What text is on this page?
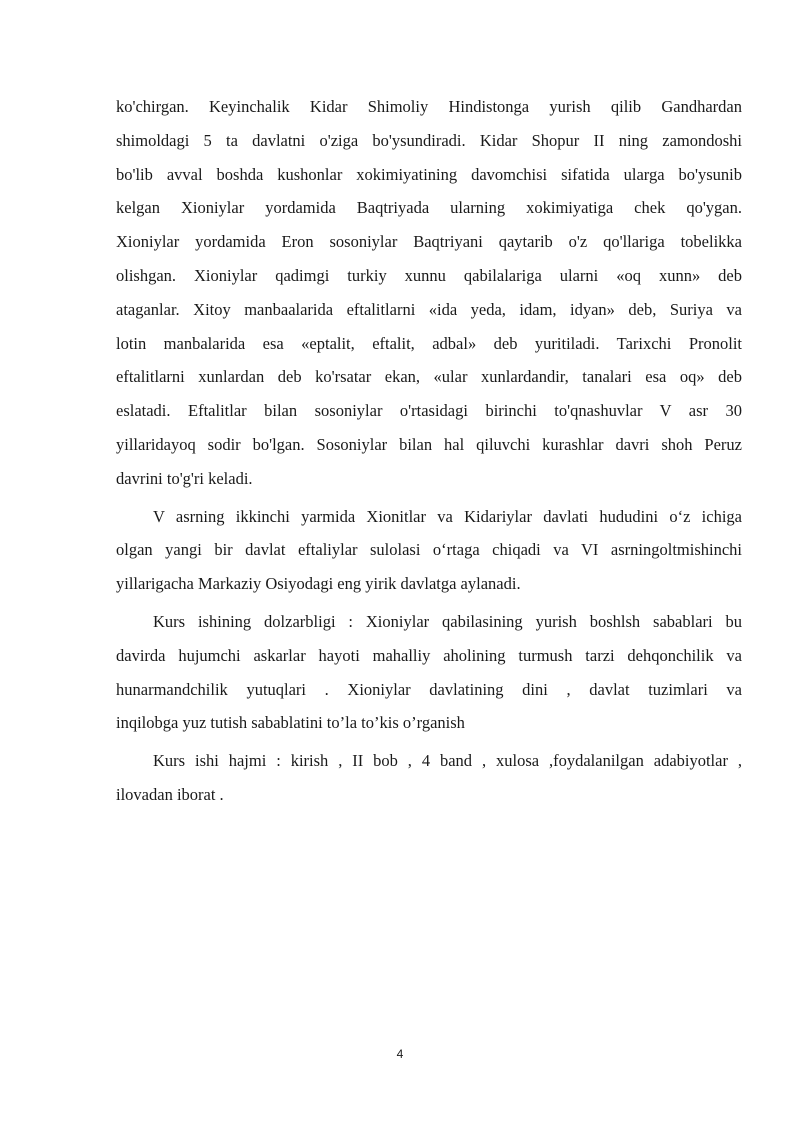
ko'chirgan. Keyinchalik Kidar Shimoliy Hindistonga yurish qilib Gandhardan
shimoldagi 5 ta davlatni o'ziga bo'ysundiradi. Kidar Shopur II ning zamondoshi
bo'lib avval boshda kushonlar xokimiyatining davomchisi sifatida ularga bo'ysunib
kelgan Xioniylar yordamida Baqtriyada ularning xokimiyatiga chek qo'ygan.
Xioniylar yordamida Eron sosoniylar Baqtriyani qaytarib o'z qo'llariga tobelikka
olishgan. Xioniylar qadimgi turkiy xunnu qabilalariga ularni «oq xunn» deb
ataganlar. Xitoy manbaalarida eftalitlarni «ida yeda, idam, idyan» deb, Suriya va
lotin manbalarida esa «eptalit, eftalit, adbal» deb yuritiladi. Tarixchi Pronolit
eftalitlarni xunlardan deb ko'rsatar ekan, «ular xunlardandir, tanalari esa oq» deb
eslatadi. Eftalitlar bilan sosoniylar o'rtasidagi birinchi to'qnashuvlar V asr 30
yillaridayoq sodir bo'lgan. Sosoniylar bilan hal qiluvchi kurashlar davri shoh Peruz
davrini to'g'ri keladi.
V asrning ikkinchi yarmida Xionitlar va Kidariylar davlati hududini oʻz ichiga
olgan yangi bir davlat eftaliylar sulolasi oʻrtaga chiqadi va VI asrningoltmishinchi
yillarigacha Markaziy Osiyodagi eng yirik davlatga aylanadi.
Kurs ishining dolzarbligi : Xioniylar qabilasining yurish boshlsh sabablari bu
davirda hujumchi askarlar hayoti mahalliy aholining turmush tarzi dehqonchilik va
hunarmandchilik yutuqlari . Xioniylar davlatining dini , davlat tuzimlari va
inqilobga yuz tutish sabablatini to’la to’kis o’rganish
Kurs ishi hajmi : kirish , II bob , 4 band , xulosa ,foydalanilgan adabiyotlar ,
ilovadan iborat .
4
